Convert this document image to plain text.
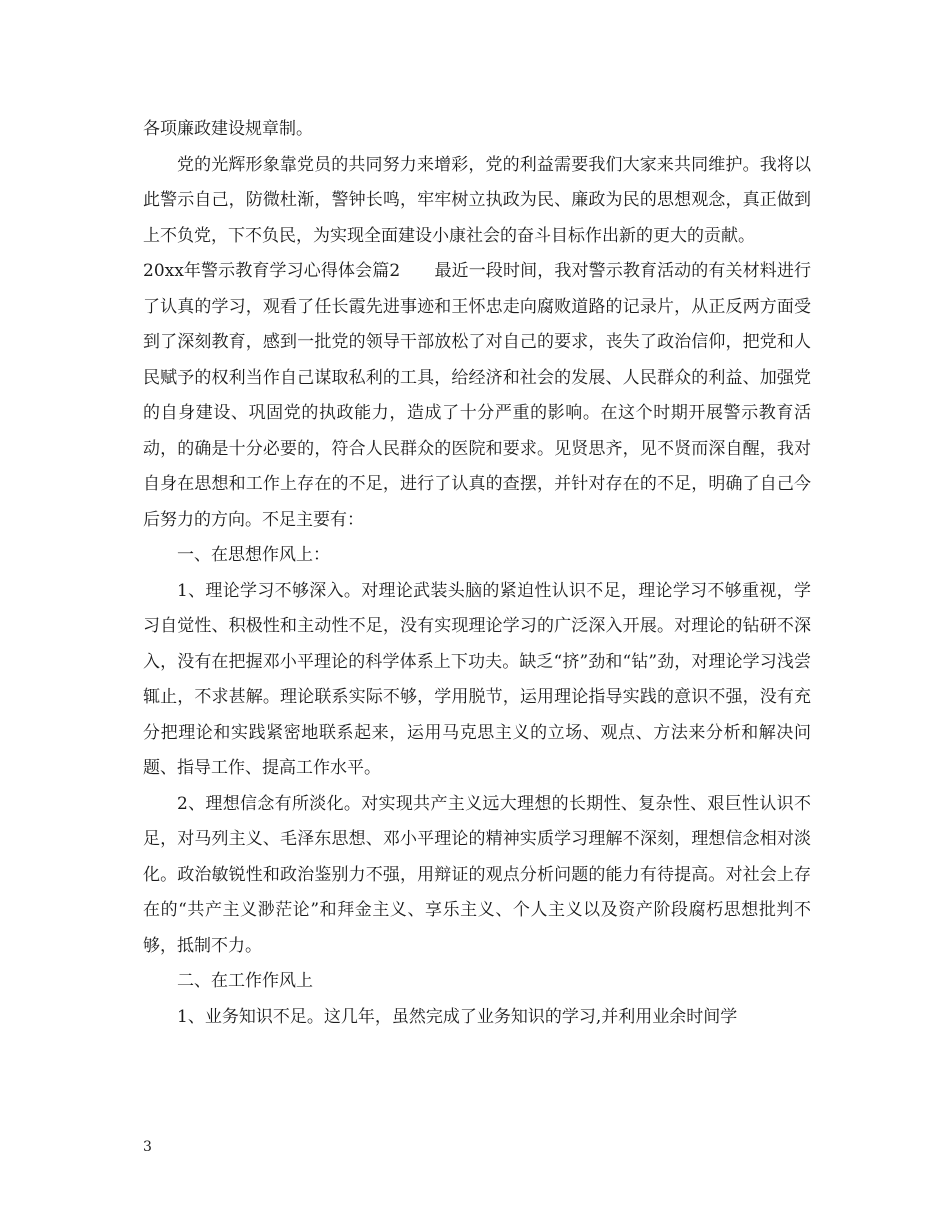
各项廉政建设规章制。

党的光辉形象靠党员的共同努力来增彩，党的利益需要我们大家来共同维护。我将以此警示自己，防微杜渐，警钟长鸣，牢牢树立执政为民、廉政为民的思想观念，真正做到上不负党，下不负民，为实现全面建设小康社会的奋斗目标作出新的更大的贡献。

20xx年警示教育学习心得体会篇2　　最近一段时间，我对警示教育活动的有关材料进行了认真的学习，观看了任长霞先进事迹和王怀忠走向腐败道路的记录片，从正反两方面受到了深刻教育，感到一批党的领导干部放松了对自己的要求，丧失了政治信仰，把党和人民赋予的权利当作自己谋取私利的工具，给经济和社会的发展、人民群众的利益、加强党的自身建设、巩固党的执政能力，造成了十分严重的影响。在这个时期开展警示教育活动，的确是十分必要的，符合人民群众的医院和要求。见贤思齐，见不贤而深自醒，我对自身在思想和工作上存在的不足，进行了认真的查摆，并针对存在的不足，明确了自己今后努力的方向。不足主要有：

一、在思想作风上：

1、理论学习不够深入。对理论武装头脑的紧迫性认识不足，理论学习不够重视，学习自觉性、积极性和主动性不足，没有实现理论学习的广泛深入开展。对理论的钻研不深入，没有在把握邓小平理论的科学体系上下功夫。缺乏“挤”劲和“钻”劲，对理论学习浅尝辄止，不求甚解。理论联系实际不够，学用脱节，运用理论指导实践的意识不强，没有充分把理论和实践紧密地联系起来，运用马克思主义的立场、观点、方法来分析和解决问题、指导工作、提高工作水平。

2、理想信念有所淡化。对实现共产主义远大理想的长期性、复杂性、艰巨性认识不足，对马列主义、毛泽东思想、邓小平理论的精神实质学习理解不深刻，理想信念相对淡化。政治敏锐性和政治鉴别力不强，用辩证的观点分析问题的能力有待提高。对社会上存在的“共产主义渺茫论”和拜金主义、享乐主义、个人主义以及资产阶段腐朽思想批判不够，抵制不力。

二、在工作作风上

1、业务知识不足。这几年，虽然完成了业务知识的学习,并利用业余时间学

3
